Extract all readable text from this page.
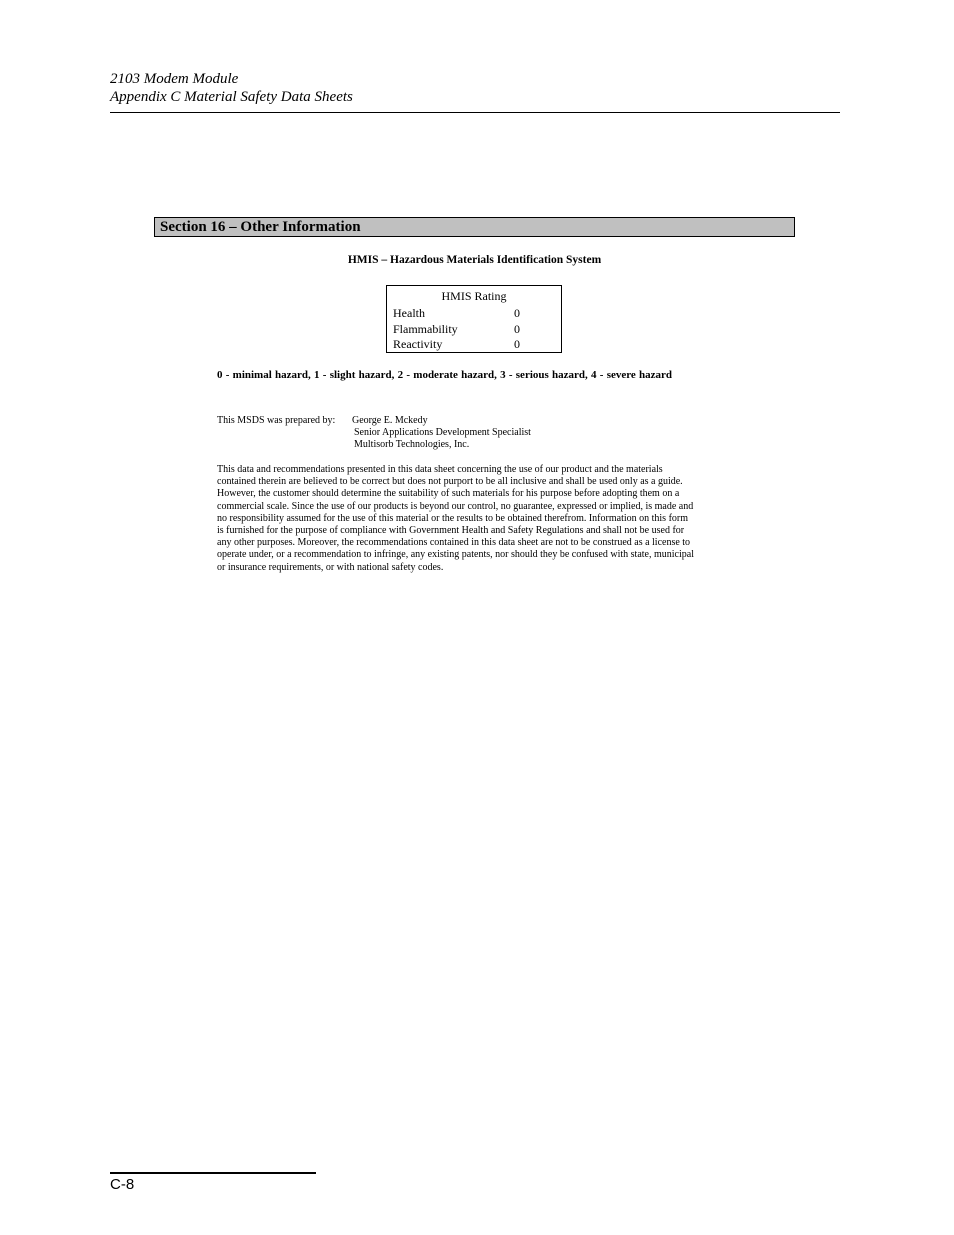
2103 Modem Module
Appendix C Material Safety Data Sheets
Section 16 – Other Information
HMIS – Hazardous Materials Identification System
HMIS Rating
Health	0
Flammability	0
Reactivity	0
0 - minimal hazard, 1 - slight hazard, 2 - moderate hazard, 3 - serious hazard, 4 - severe hazard
This MSDS was prepared by: George E. Mckedy
Senior Applications Development Specialist
Multisorb Technologies, Inc.
This data and recommendations presented in this data sheet concerning the use of our product and the materials
contained therein are believed to be correct but does not purport to be all inclusive and shall be used only as a guide.
However, the customer should determine the suitability of such materials for his purpose before adopting them on a
commercial scale. Since the use of our products is beyond our control, no guarantee, expressed or implied, is made and
no responsibility assumed for the use of this material or the results to be obtained therefrom. Information on this form
is furnished for the purpose of compliance with Government Health and Safety Regulations and shall not be used for
any other purposes. Moreover, the recommendations contained in this data sheet are not to be construed as a license to
operate under, or a recommendation to infringe, any existing patents, nor should they be confused with state, municipal
or insurance requirements, or with national safety codes.
C-8
